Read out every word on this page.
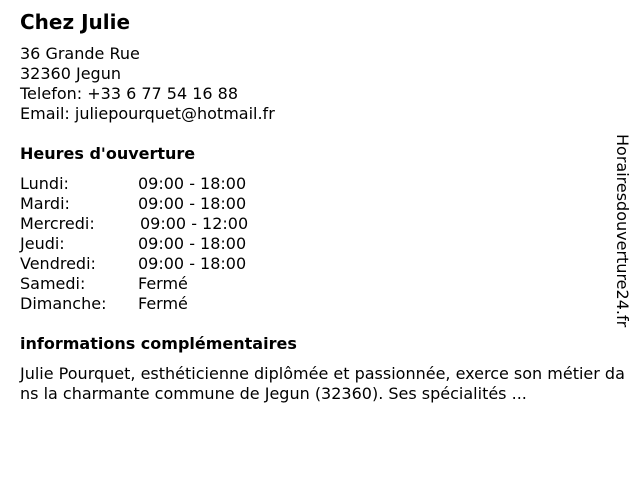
Chez Julie
36 Grande Rue
32360 Jegun
Telefon: +33 6 77 54 16 88
Email: juliepourquet@hotmail.fr
Heures d'ouverture
Lundi:	09:00 - 18:00
Mardi:	09:00 - 18:00
Mercredi:	09:00 - 12:00
Jeudi:	09:00 - 18:00
Vendredi:	09:00 - 18:00
Samedi:	Fermé
Dimanche: Fermé
informations complémentaires

Julie Pourquet, esthéticienne diplômée et passionnée, exerce son métier dans la charmante commune de Jegun (32360). Ses spécialités ...

Horairesdouverture24.fr
